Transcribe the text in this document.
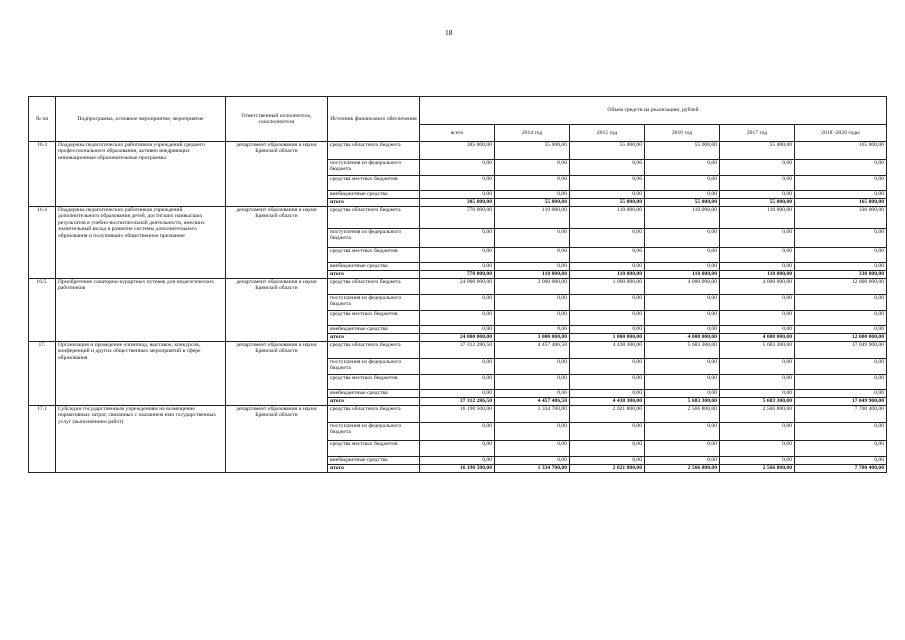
18
№ пп	Подпрограмма, основное мероприятие, мероприятие	Ответственный исполнитель, соисполнители	Источник финансового обеспечения	Объем средств на реализацию, рублей					
				всего	2014 год	2015 год	2016 год	2017 год	2018 -2020 годы
16.3	Поддержка педагогических работников учреждений среднего профессионального образования, активно внедряющих инновационные образовательные программы	департамент образования и науки Брянской области	средства областного бюджета	385 000,00	55 000,00	55 000,00	55 000,00	55 000,00	165 000,00
			поступления из федерального бюджета	0,00	0,00	0,00	0,00	0,00	0,00
			средства местных бюджетов	0,00	0,00	0,00	0,00	0,00	0,00
			внебюджетные средства	0,00	0,00	0,00	0,00	0,00	0,00
			итого	385 000,00	55 000,00	55 000,00	55 000,00	55 000,00	165 000,00
16.4	Поддержка педагогических работников учреждений дополнительного образования детей, достигших наивысших результатов в учебно-воспитательной деятельности, внесших значительный вклад в развитие системы дополнительного образования и получивших общественное признание	департамент образования и науки Брянской области	средства областного бюджета	770 000,00	110 000,00	110 000,00	110 000,00	110 000,00	330 000,00
			поступления из федерального бюджета	0,00	0,00	0,00	0,00	0,00	0,00
			средства местных бюджетов	0,00	0,00	0,00	0,00	0,00	0,00
			внебюджетные средства	0,00	0,00	0,00	0,00	0,00	0,00
			итого	770 000,00	110 000,00	110 000,00	110 000,00	110 000,00	330 000,00
16.5.	Приобретение санаторно-курортных путевок для педагогических работников	департамент образования и науки Брянской области	средства областного бюджета	24 000 000,00	3 000 000,00	1 000 000,00	4 000 000,00	4 000 000,00	12 000 000,00
			поступления из федерального бюджета	0,00	0,00	0,00	0,00	0,00	0,00
			средства местных бюджетов	0,00	0,00	0,00	0,00	0,00	0,00
			внебюджетные средства	0,00	0,00	0,00	0,00	0,00	0,00
			итого	24 000 000,00	3 000 000,00	1 000 000,00	4 000 000,00	4 000 000,00	12 000 000,00
17.	Организация и проведение олимпиад, выставок, конкурсов, конференций и других общественных мероприятий в сфере образования	департамент образования и науки Брянской области	средства областного бюджета	37 312 286,50	4 457 486,50	4 438 300,00	5 683 300,00	5 683 300,00	17 049 900,00
			поступления из федерального бюджета	0,00	0,00	0,00	0,00	0,00	0,00
			средства местных бюджетов	0,00	0,00	0,00	0,00	0,00	0,00
			внебюджетные средства	0,00	0,00	0,00	0,00	0,00	0,00
			итого	37 312 286,50	4 457 486,50	4 438 300,00	5 683 300,00	5 683 300,00	17 049 900,00
17.1	Субсидии государственным учреждениям на возмещение нормативных затрат, связанных с оказанием ими государственных услуг (выполнением работ)	департамент образования и науки Брянской области	средства областного бюджета	16 190 500,00	1 334 700,00	2 021 800,00	2 566 800,00	2 566 800,00	7 700 400,00
			поступления из федерального бюджета	0,00	0,00	0,00	0,00	0,00	0,00
			средства местных бюджетов	0,00	0,00	0,00	0,00	0,00	0,00
			внебюджетные средства	0,00	0,00	0,00	0,00	0,00	0,00
			итого	16 190 500,00	1 334 700,00	2 021 800,00	2 566 800,00	2 566 800,00	7 700 400,00
